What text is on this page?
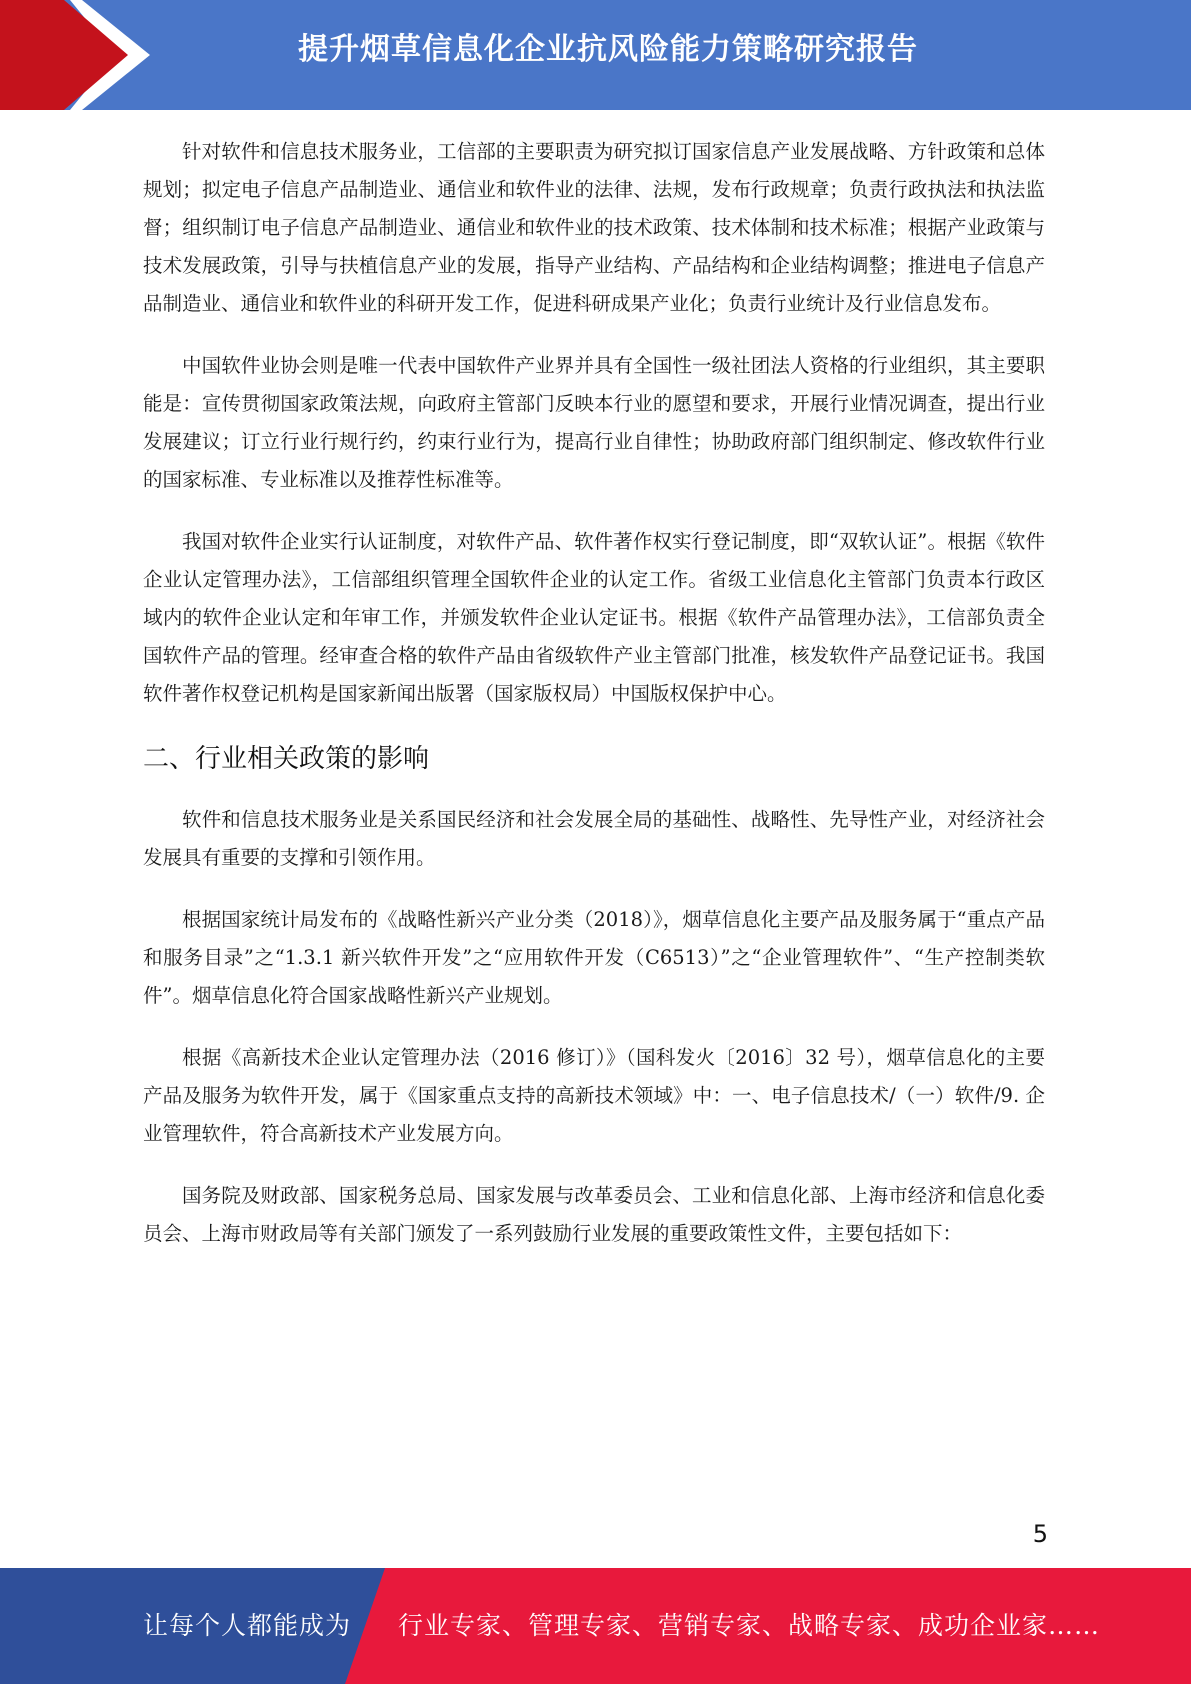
提升烟草信息化企业抗风险能力策略研究报告

针对软件和信息技术服务业，工信部的主要职责为研究拟订国家信息产业发展战略、方针政策和总体规划；拟定电子信息产品制造业、通信业和软件业的法律、法规，发布行政规章；负责行政执法和执法监督；组织制订电子信息产品制造业、通信业和软件业的技术政策、技术体制和技术标准；根据产业政策与技术发展政策，引导与扶植信息产业的发展，指导产业结构、产品结构和企业结构调整；推进电子信息产品制造业、通信业和软件业的科研开发工作，促进科研成果产业化；负责行业统计及行业信息发布。

中国软件业协会则是唯一代表中国软件产业界并具有全国性一级社团法人资格的行业组织，其主要职能是：宣传贯彻国家政策法规，向政府主管部门反映本行业的愿望和要求，开展行业情况调查，提出行业发展建议；订立行业行规行约，约束行业行为，提高行业自律性；协助政府部门组织制定、修改软件行业的国家标准、专业标准以及推荐性标准等。

我国对软件企业实行认证制度，对软件产品、软件著作权实行登记制度，即“双软认证”。根据《软件企业认定管理办法》，工信部组织管理全国软件企业的认定工作。省级工业信息化主管部门负责本行政区域内的软件企业认定和年审工作，并颁发软件企业认定证书。根据《软件产品管理办法》，工信部负责全国软件产品的管理。经审查合格的软件产品由省级软件产业主管部门批准，核发软件产品登记证书。我国软件著作权登记机构是国家新闻出版署（国家版权局）中国版权保护中心。

二、行业相关政策的影响

软件和信息技术服务业是关系国民经济和社会发展全局的基础性、战略性、先导性产业，对经济社会发展具有重要的支撑和引领作用。

根据国家统计局发布的《战略性新兴产业分类（2018）》，烟草信息化主要产品及服务属于“重点产品和服务目录”之“1.3.1 新兴软件开发”之“应用软件开发（C6513）”之“企业管理软件”、“生产控制类软件”。烟草信息化符合国家战略性新兴产业规划。

根据《高新技术企业认定管理办法（2016 修订）》（国科发火〔2016〕32 号），烟草信息化的主要产品及服务为软件开发，属于《国家重点支持的高新技术领域》中：一、电子信息技术/（一）软件/9. 企业管理软件，符合高新技术产业发展方向。

国务院及财政部、国家税务总局、国家发展与改革委员会、工业和信息化部、上海市经济和信息化委员会、上海市财政局等有关部门颁发了一系列鼓励行业发展的重要政策性文件，主要包括如下：

5
让每个人都能成为 行业专家、管理专家、营销专家、战略专家、成功企业家……
